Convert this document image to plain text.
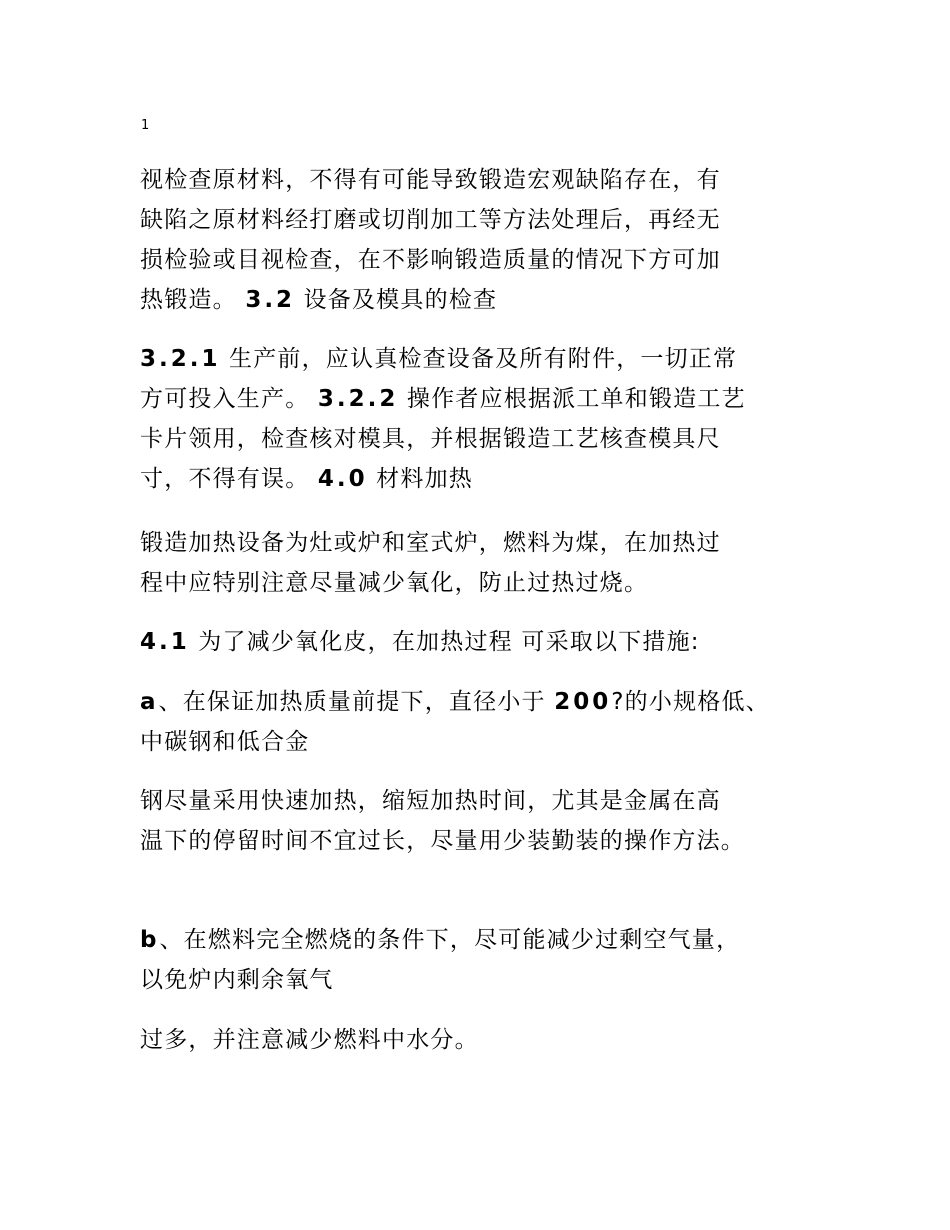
1
视检查原材料，不得有可能导致锻造宏观缺陷存在，有
缺陷之原材料经打磨或切削加工等方法处理后，再经无
损检验或目视检查，在不影响锻造质量的情况下方可加
热锻造。 3.2 设备及模具的检查
3.2.1 生产前，应认真检查设备及所有附件，一切正常
方可投入生产。 3.2.2 操作者应根据派工单和锻造工艺
卡片领用，检查核对模具，并根据锻造工艺核查模具尺
寸，不得有误。 4.0 材料加热
锻造加热设备为灶或炉和室式炉，燃料为煤，在加热过
程中应特别注意尽量减少氧化，防止过热过烧。
4.1 为了减少氧化皮，在加热过程 可采取以下措施:
a、在保证加热质量前提下，直径小于 200?的小规格低、
中碳钢和低合金
钢尽量采用快速加热，缩短加热时间，尤其是金属在高
温下的停留时间不宜过长，尽量用少装勤装的操作方法。
b、在燃料完全燃烧的条件下，尽可能减少过剩空气量，
以免炉内剩余氧气
过多，并注意减少燃料中水分。
